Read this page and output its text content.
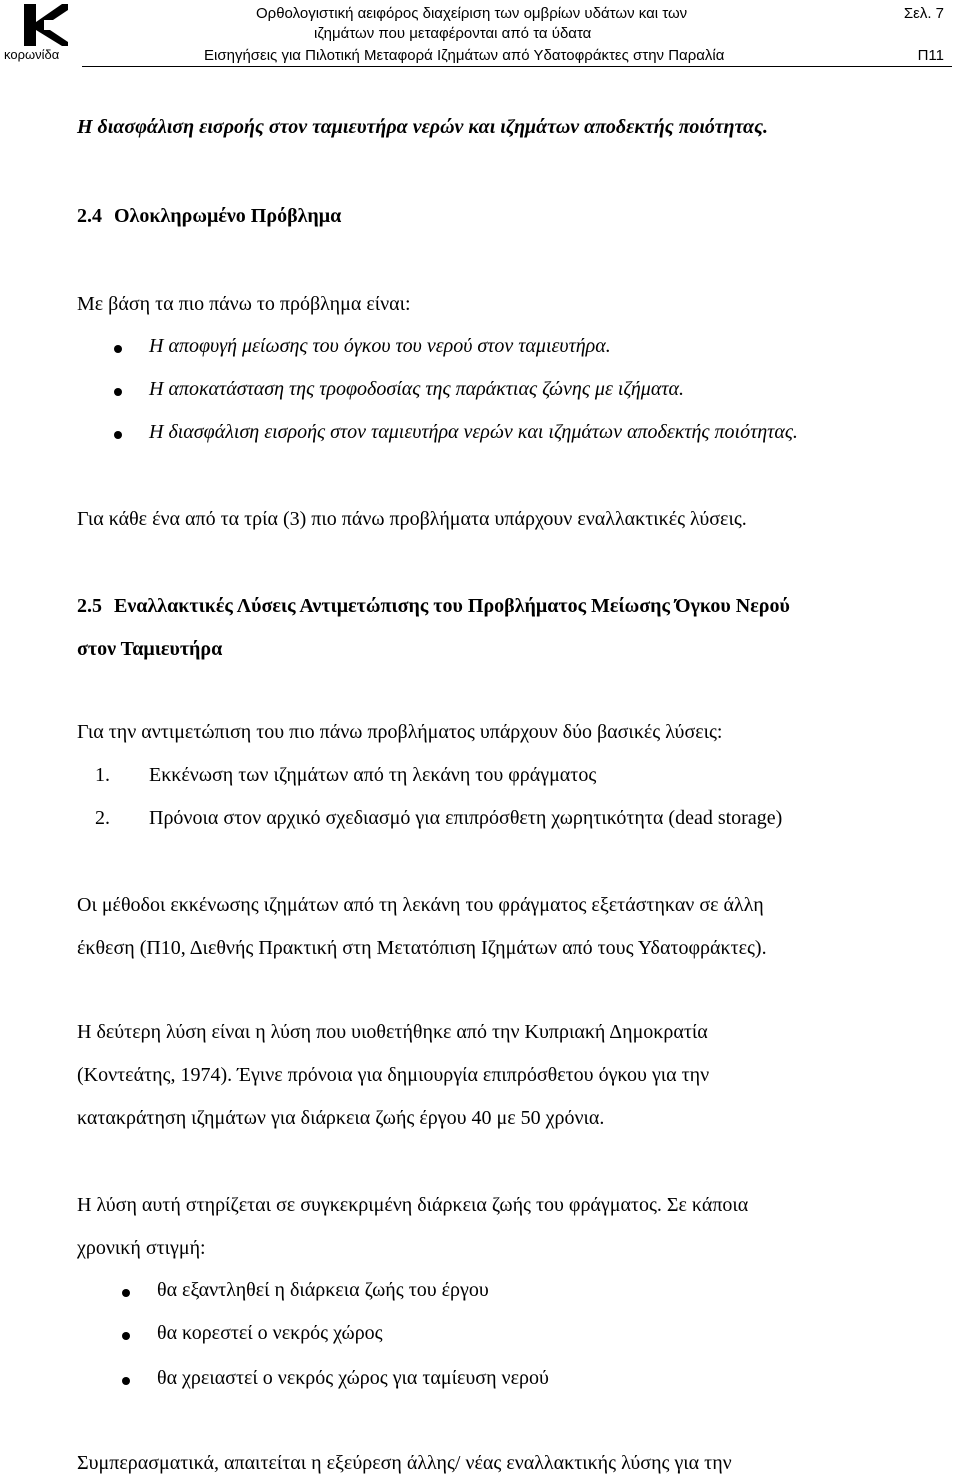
κορωνίδα
Ορθολογιστική αειφόρος διαχείριση των ομβρίων υδάτων και των
ιζημάτων που μεταφέρονται από τα ύδατα
Εισηγήσεις για Πιλοτική Μεταφορά Ιζημάτων από Υδατοφράκτες στην Παραλία
Σελ. 7
Π11
Η διασφάλιση εισροής στον ταμιευτήρα νερών και ιζημάτων αποδεκτής ποιότητας.
2.4 Ολοκληρωμένο Πρόβλημα
Με βάση τα πιο πάνω το πρόβλημα είναι:
Η αποφυγή μείωσης του όγκου του νερού στον ταμιευτήρα.
Η αποκατάσταση της τροφοδοσίας της παράκτιας ζώνης με ιζήματα.
Η διασφάλιση εισροής στον ταμιευτήρα νερών και ιζημάτων αποδεκτής ποιότητας.
Για κάθε ένα από τα τρία (3) πιο πάνω προβλήματα υπάρχουν εναλλακτικές λύσεις.
2.5 Εναλλακτικές Λύσεις Αντιμετώπισης του Προβλήματος Μείωσης Όγκου Νερού
στον Ταμιευτήρα
Για την αντιμετώπιση του πιο πάνω προβλήματος υπάρχουν δύο βασικές λύσεις:
1. Εκκένωση των ιζημάτων από τη λεκάνη του φράγματος
2. Πρόνοια στον αρχικό σχεδιασμό για επιπρόσθετη χωρητικότητα (dead storage)
Οι μέθοδοι εκκένωσης ιζημάτων από τη λεκάνη του φράγματος εξετάστηκαν σε άλλη
έκθεση (Π10, Διεθνής Πρακτική στη Μετατόπιση Ιζημάτων από τους Υδατοφράκτες).
Η δεύτερη λύση είναι η λύση που υιοθετήθηκε από την Κυπριακή Δημοκρατία
(Κοντεάτης, 1974). Έγινε πρόνοια για δημιουργία επιπρόσθετου όγκου για την
κατακράτηση ιζημάτων για διάρκεια ζωής έργου 40 με 50 χρόνια.
Η λύση αυτή στηρίζεται σε συγκεκριμένη διάρκεια ζωής του φράγματος. Σε κάποια
χρονική στιγμή:
θα εξαντληθεί η διάρκεια ζωής του έργου
θα κορεστεί ο νεκρός χώρος
θα χρειαστεί ο νεκρός χώρος για ταμίευση νερού
Συμπερασματικά, απαιτείται η εξεύρεση άλλης/ νέας εναλλακτικής λύσης για την
